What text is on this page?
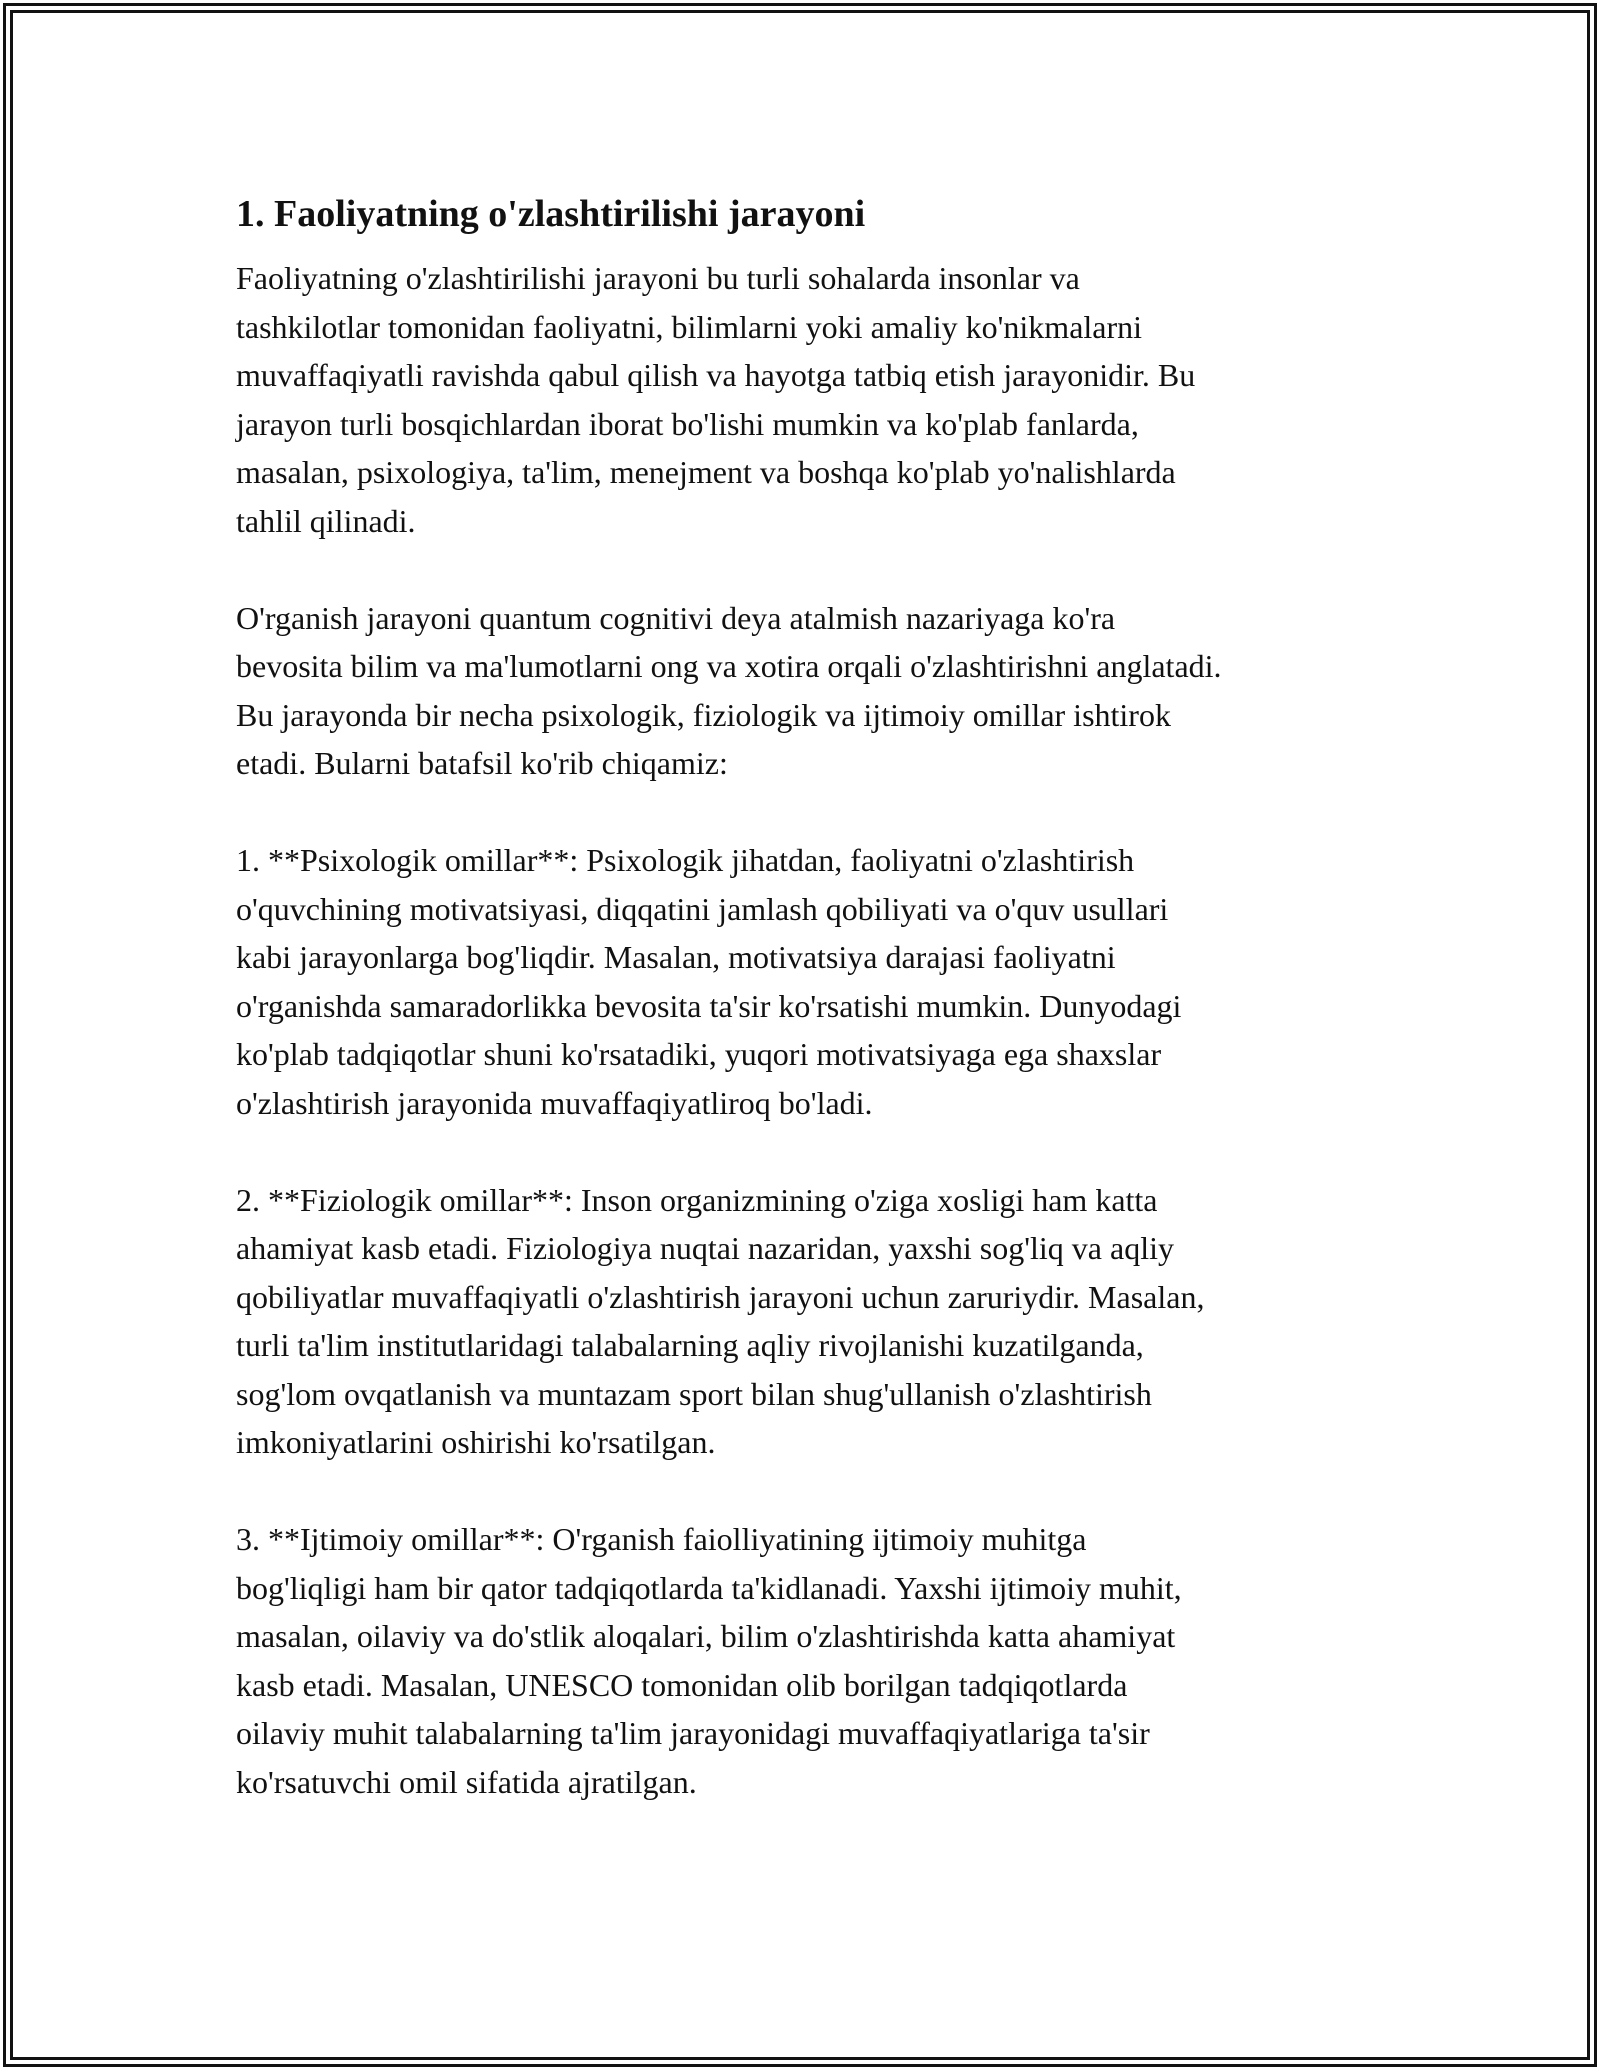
1. Faoliyatning o'zlashtirilishi jarayoni

Faoliyatning o'zlashtirilishi jarayoni bu turli sohalarda insonlar va
tashkilotlar tomonidan faoliyatni, bilimlarni yoki amaliy ko'nikmalarni
muvaffaqiyatli ravishda qabul qilish va hayotga tatbiq etish jarayonidir. Bu
jarayon turli bosqichlardan iborat bo'lishi mumkin va ko'plab fanlarda,
masalan, psixologiya, ta'lim, menejment va boshqa ko'plab yo'nalishlarda
tahlil qilinadi.

O'rganish jarayoni quantum cognitivi deya atalmish nazariyaga ko'ra
bevosita bilim va ma'lumotlarni ong va xotira orqali o'zlashtirishni anglatadi.
Bu jarayonda bir necha psixologik, fiziologik va ijtimoiy omillar ishtirok
etadi. Bularni batafsil ko'rib chiqamiz:

1. **Psixologik omillar**: Psixologik jihatdan, faoliyatni o'zlashtirish
o'quvchining motivatsiyasi, diqqatini jamlash qobiliyati va o'quv usullari
kabi jarayonlarga bog'liqdir. Masalan, motivatsiya darajasi faoliyatni
o'rganishda samaradorlikka bevosita ta'sir ko'rsatishi mumkin. Dunyodagi
ko'plab tadqiqotlar shuni ko'rsatadiki, yuqori motivatsiyaga ega shaxslar
o'zlashtirish jarayonida muvaffaqiyatliroq bo'ladi.

2. **Fiziologik omillar**: Inson organizmining o'ziga xosligi ham katta
ahamiyat kasb etadi. Fiziologiya nuqtai nazaridan, yaxshi sog'liq va aqliy
qobiliyatlar muvaffaqiyatli o'zlashtirish jarayoni uchun zaruriydir. Masalan,
turli ta'lim institutlaridagi talabalarning aqliy rivojlanishi kuzatilganda,
sog'lom ovqatlanish va muntazam sport bilan shug'ullanish o'zlashtirish
imkoniyatlarini oshirishi ko'rsatilgan.

3. **Ijtimoiy omillar**: O'rganish faiolliyatining ijtimoiy muhitga
bog'liqligi ham bir qator tadqiqotlarda ta'kidlanadi. Yaxshi ijtimoiy muhit,
masalan, oilaviy va do'stlik aloqalari, bilim o'zlashtirishda katta ahamiyat
kasb etadi. Masalan, UNESCO tomonidan olib borilgan tadqiqotlarda
oilaviy muhit talabalarning ta'lim jarayonidagi muvaffaqiyatlariga ta'sir
ko'rsatuvchi omil sifatida ajratilgan.
